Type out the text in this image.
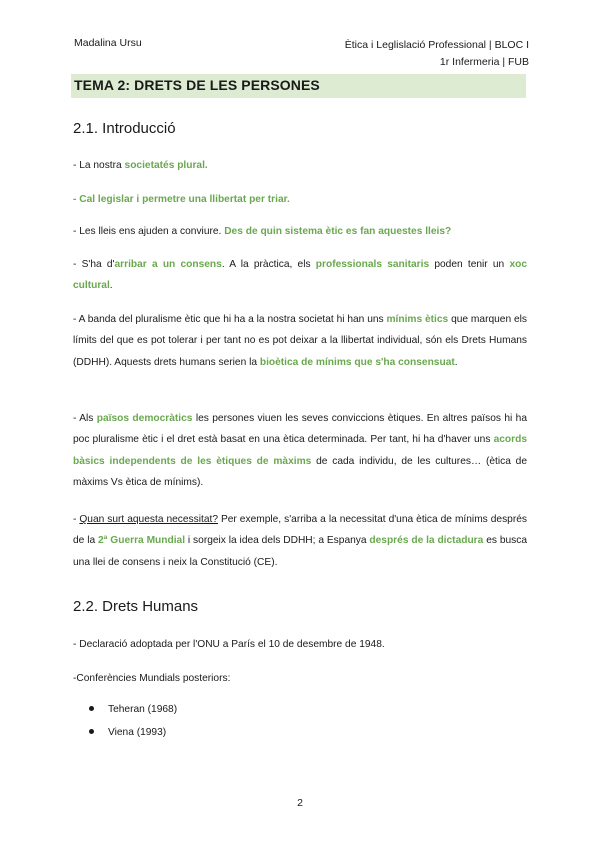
Madalina Ursu	Ètica i Leglislació Professional | BLOC I
1r Infermeria | FUB
TEMA 2: DRETS DE LES PERSONES
2.1. Introducció
- La nostra societatés plural.
- Cal legislar i permetre una llibertat per triar.
- Les lleis ens ajuden a conviure. Des de quin sistema ètic es fan aquestes lleis?
- S'ha d'arribar a un consens. A la pràctica, els professionals sanitaris poden tenir un xoc cultural.
- A banda del pluralisme ètic que hi ha a la nostra societat hi han uns mínims ètics que marquen els límits del que es pot tolerar i per tant no es pot deixar a la llibertat individual, són els Drets Humans (DDHH). Aquests drets humans serien la bioètica de mínims que s'ha consensuat.
- Als països democràtics les persones viuen les seves conviccions ètiques. En altres països hi ha poc pluralisme ètic i el dret està basat en una ètica determinada. Per tant, hi ha d'haver uns acords bàsics independents de les ètiques de màxims de cada individu, de les cultures… (ètica de màxims Vs ètica de mínims).
- Quan surt aquesta necessitat? Per exemple, s'arriba a la necessitat d'una ètica de mínims després de la 2ª Guerra Mundial i sorgeix la idea dels DDHH; a Espanya després de la dictadura es busca una llei de consens i neix la Constitució (CE).
2.2. Drets Humans
- Declaració adoptada per l'ONU a París el 10 de desembre de 1948.
-Conferències Mundials posteriors:
Teheran (1968)
Viena (1993)
2
